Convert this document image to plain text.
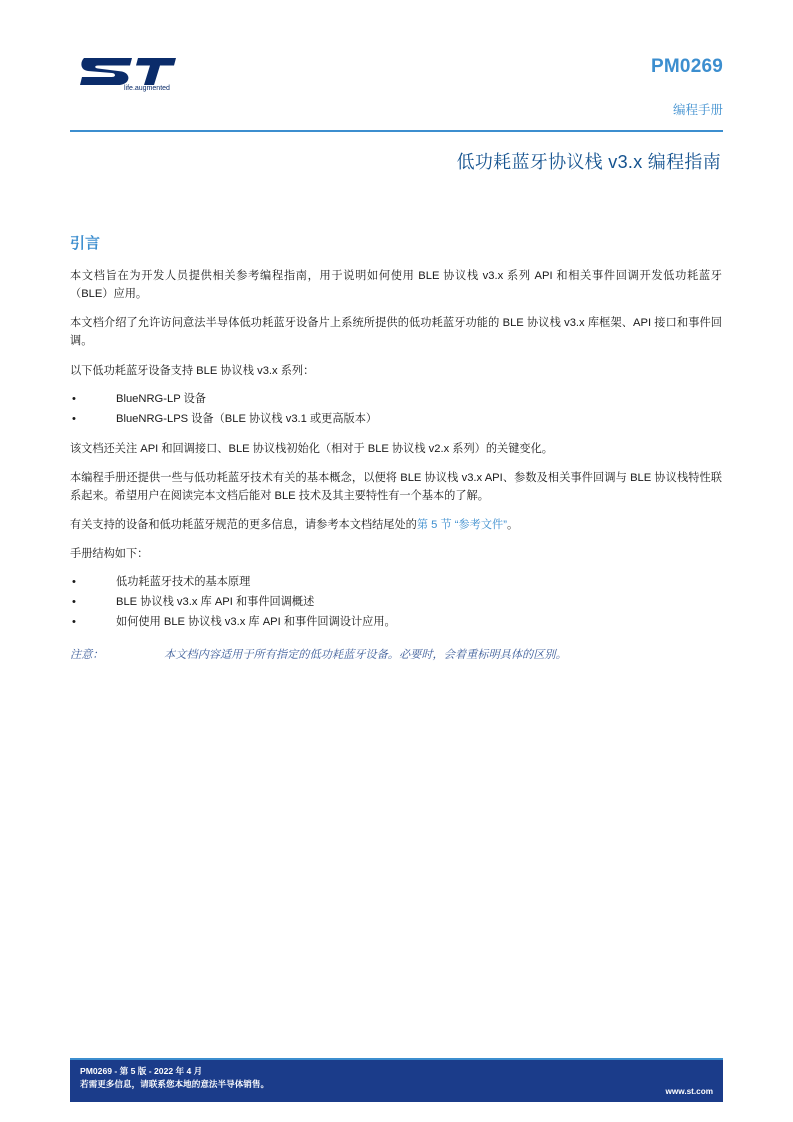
life.augmented
PM0269
编程手册
低功耗蓝牙协议栈 v3.x 编程指南
引言

本文档旨在为开发人员提供相关参考编程指南，用于说明如何使用 BLE 协议栈 v3.x 系列 API 和相关事件回调开发低功耗蓝牙（BLE）应用。

本文档介绍了允许访问意法半导体低功耗蓝牙设备片上系统所提供的低功耗蓝牙功能的 BLE 协议栈 v3.x 库框架、API 接口和事件回调。

以下低功耗蓝牙设备支持 BLE 协议栈 v3.x 系列：

• BlueNRG-LP 设备
• BlueNRG-LPS 设备（BLE 协议栈 v3.1 或更高版本）

该文档还关注 API 和回调接口、BLE 协议栈初始化（相对于 BLE 协议栈 v2.x 系列）的关键变化。

本编程手册还提供一些与低功耗蓝牙技术有关的基本概念，以便将 BLE 协议栈 v3.x API、参数及相关事件回调与 BLE 协议栈特性联系起来。希望用户在阅读完本文档后能对 BLE 技术及其主要特性有一个基本的了解。

有关支持的设备和低功耗蓝牙规范的更多信息，请参考本文档结尾处的第 5 节 “参考文件”。

手册结构如下：

• 低功耗蓝牙技术的基本原理
• BLE 协议栈 v3.x 库 API 和事件回调概述
• 如何使用 BLE 协议栈 v3.x 库 API 和事件回调设计应用。
注意：	本文档内容适用于所有指定的低功耗蓝牙设备。必要时，会着重标明具体的区别。
PM0269 - 第 5 版 - 2022 年 4 月
若需更多信息，请联系您本地的意法半导体销售。
www.st.com
